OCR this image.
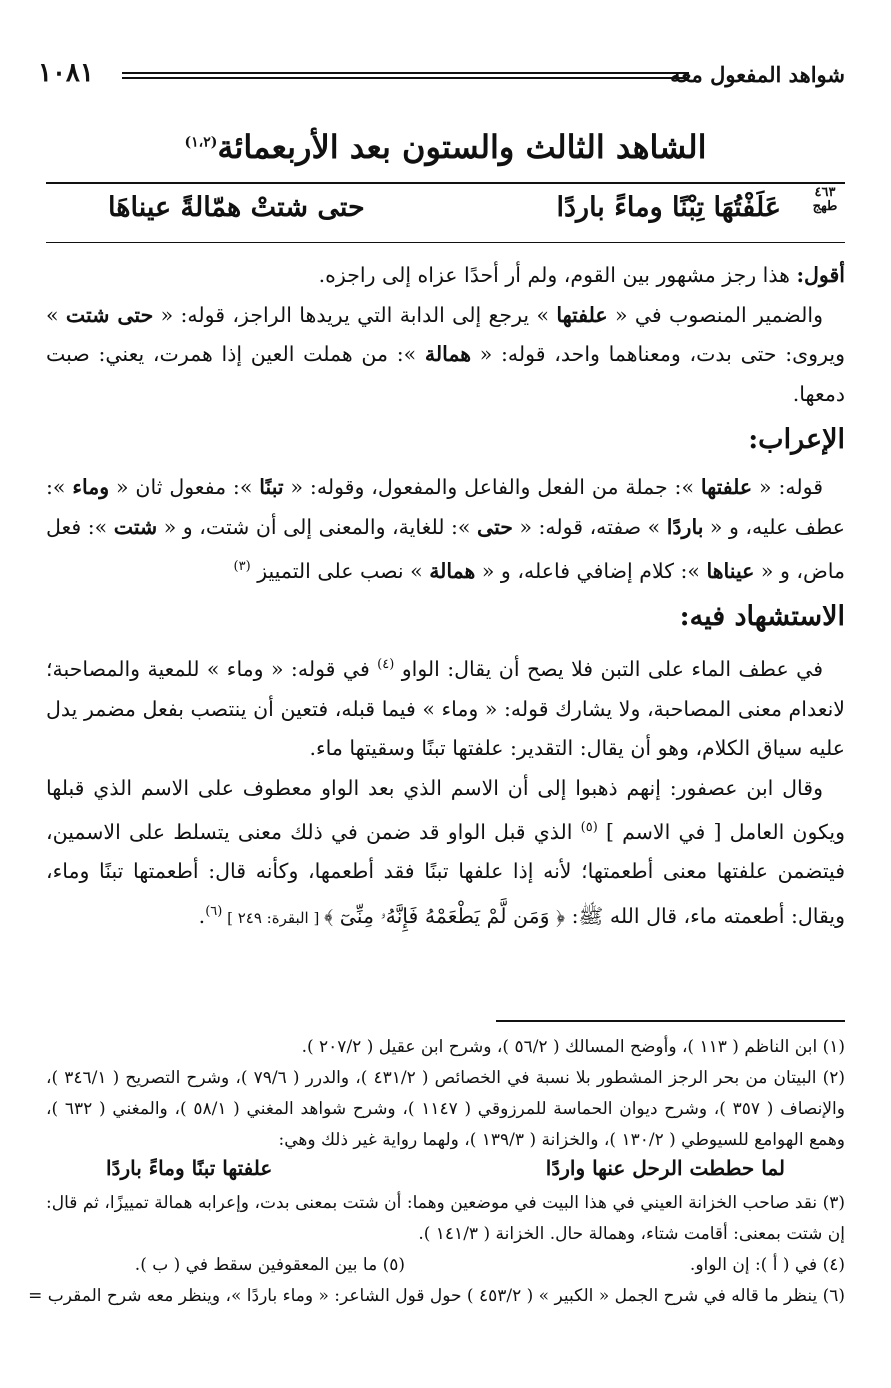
شواهد المفعول معه
١٠٨١
الشاهد الثالث والستون بعد الأربعمائة$^{(١،٢)}$
٤٦٣
طهج
عَلَفْتُهَا تِبْنًا وماءً باردًا
حتى شتتْ همّالةً عيناهَا

أقول: هذا رجز مشهور بين القوم، ولم أر أحدًا عزاه إلى راجزه.

والضمير المنصوب في « علفتها » يرجع إلى الدابة التي يريدها الراجز، قوله: « حتى شتت » ويروى: حتى بدت، ومعناهما واحد، قوله: « همالة »: من هملت العين إذا همرت، يعني: صبت دمعها.

الإعراب:

قوله: « علفتها »: جملة من الفعل والفاعل والمفعول، وقوله: « تبنًا »: مفعول ثان « وماء »: عطف عليه، و « باردًا » صفته، قوله: « حتى »: للغاية، والمعنى إلى أن شتت، و « شتت »: فعل ماض، و « عيناها »: كلام إضافي فاعله، و « همالة » نصب على التمييز $^{(٣)}$

الاستشهاد فيه:

في عطف الماء على التبن فلا يصح أن يقال: الواو $^{(٤)}$ في قوله: « وماء » للمعية والمصاحبة؛ لانعدام معنى المصاحبة، ولا يشارك قوله: « وماء » فيما قبله، فتعين أن ينتصب بفعل مضمر يدل عليه سياق الكلام، وهو أن يقال: التقدير: علفتها تبنًا وسقيتها ماء.

وقال ابن عصفور: إنهم ذهبوا إلى أن الاسم الذي بعد الواو معطوف على الاسم الذي قبلها ويكون العامل [ في الاسم ] $^{(٥)}$ الذي قبل الواو قد ضمن في ذلك معنى يتسلط على الاسمين، فيتضمن علفتها معنى أطعمتها؛ لأنه إذا علفها تبنًا فقد أطعمها، وكأنه قال: أطعمتها تبنًا وماء، ويقال: أطعمته ماء، قال الله ﷺ: ﴿ وَمَن لَّمْ يَطْعَمْهُ فَإِنَّهُۥ مِنِّىٓ ﴾ [ البقرة: ٢٤٩ ] $^{(٦)}$.

(١) ابن الناظم ( ١١٣ )، وأوضح المسالك ( ٥٦/٢ )، وشرح ابن عقيل ( ٢٠٧/٢ ).

(٢) البيتان من بحر الرجز المشطور بلا نسبة في الخصائص ( ٤٣١/٢ )، والدرر ( ٧٩/٦ )، وشرح التصريح ( ٣٤٦/١ )، والإنصاف ( ٣٥٧ )، وشرح ديوان الحماسة للمرزوقي ( ١١٤٧ )، وشرح شواهد المغني ( ٥٨/١ )، والمغني ( ٦٣٢ )، وهمع الهوامع للسيوطي ( ١٣٠/٢ )، والخزانة ( ١٣٩/٣ )، ولهما رواية غير ذلك وهي:

لما حططت الرحل عنها واردًا
علفتها تبنًا وماءً باردًا

(٣) نقد صاحب الخزانة العيني في هذا البيت في موضعين وهما: أن شتت بمعنى بدت، وإعرابه همالة تمييزًا، ثم قال: إن شتت بمعنى: أقامت شتاء، وهمالة حال. الخزانة ( ١٤١/٣ ).

(٤) في ( أ ): إن الواو.
(٥) ما بين المعقوفين سقط في ( ب ).

(٦) ينظر ما قاله في شرح الجمل « الكبير » ( ٤٥٣/٢ ) حول قول الشاعر: « وماء باردًا »، وينظر معه شرح المقرب =
